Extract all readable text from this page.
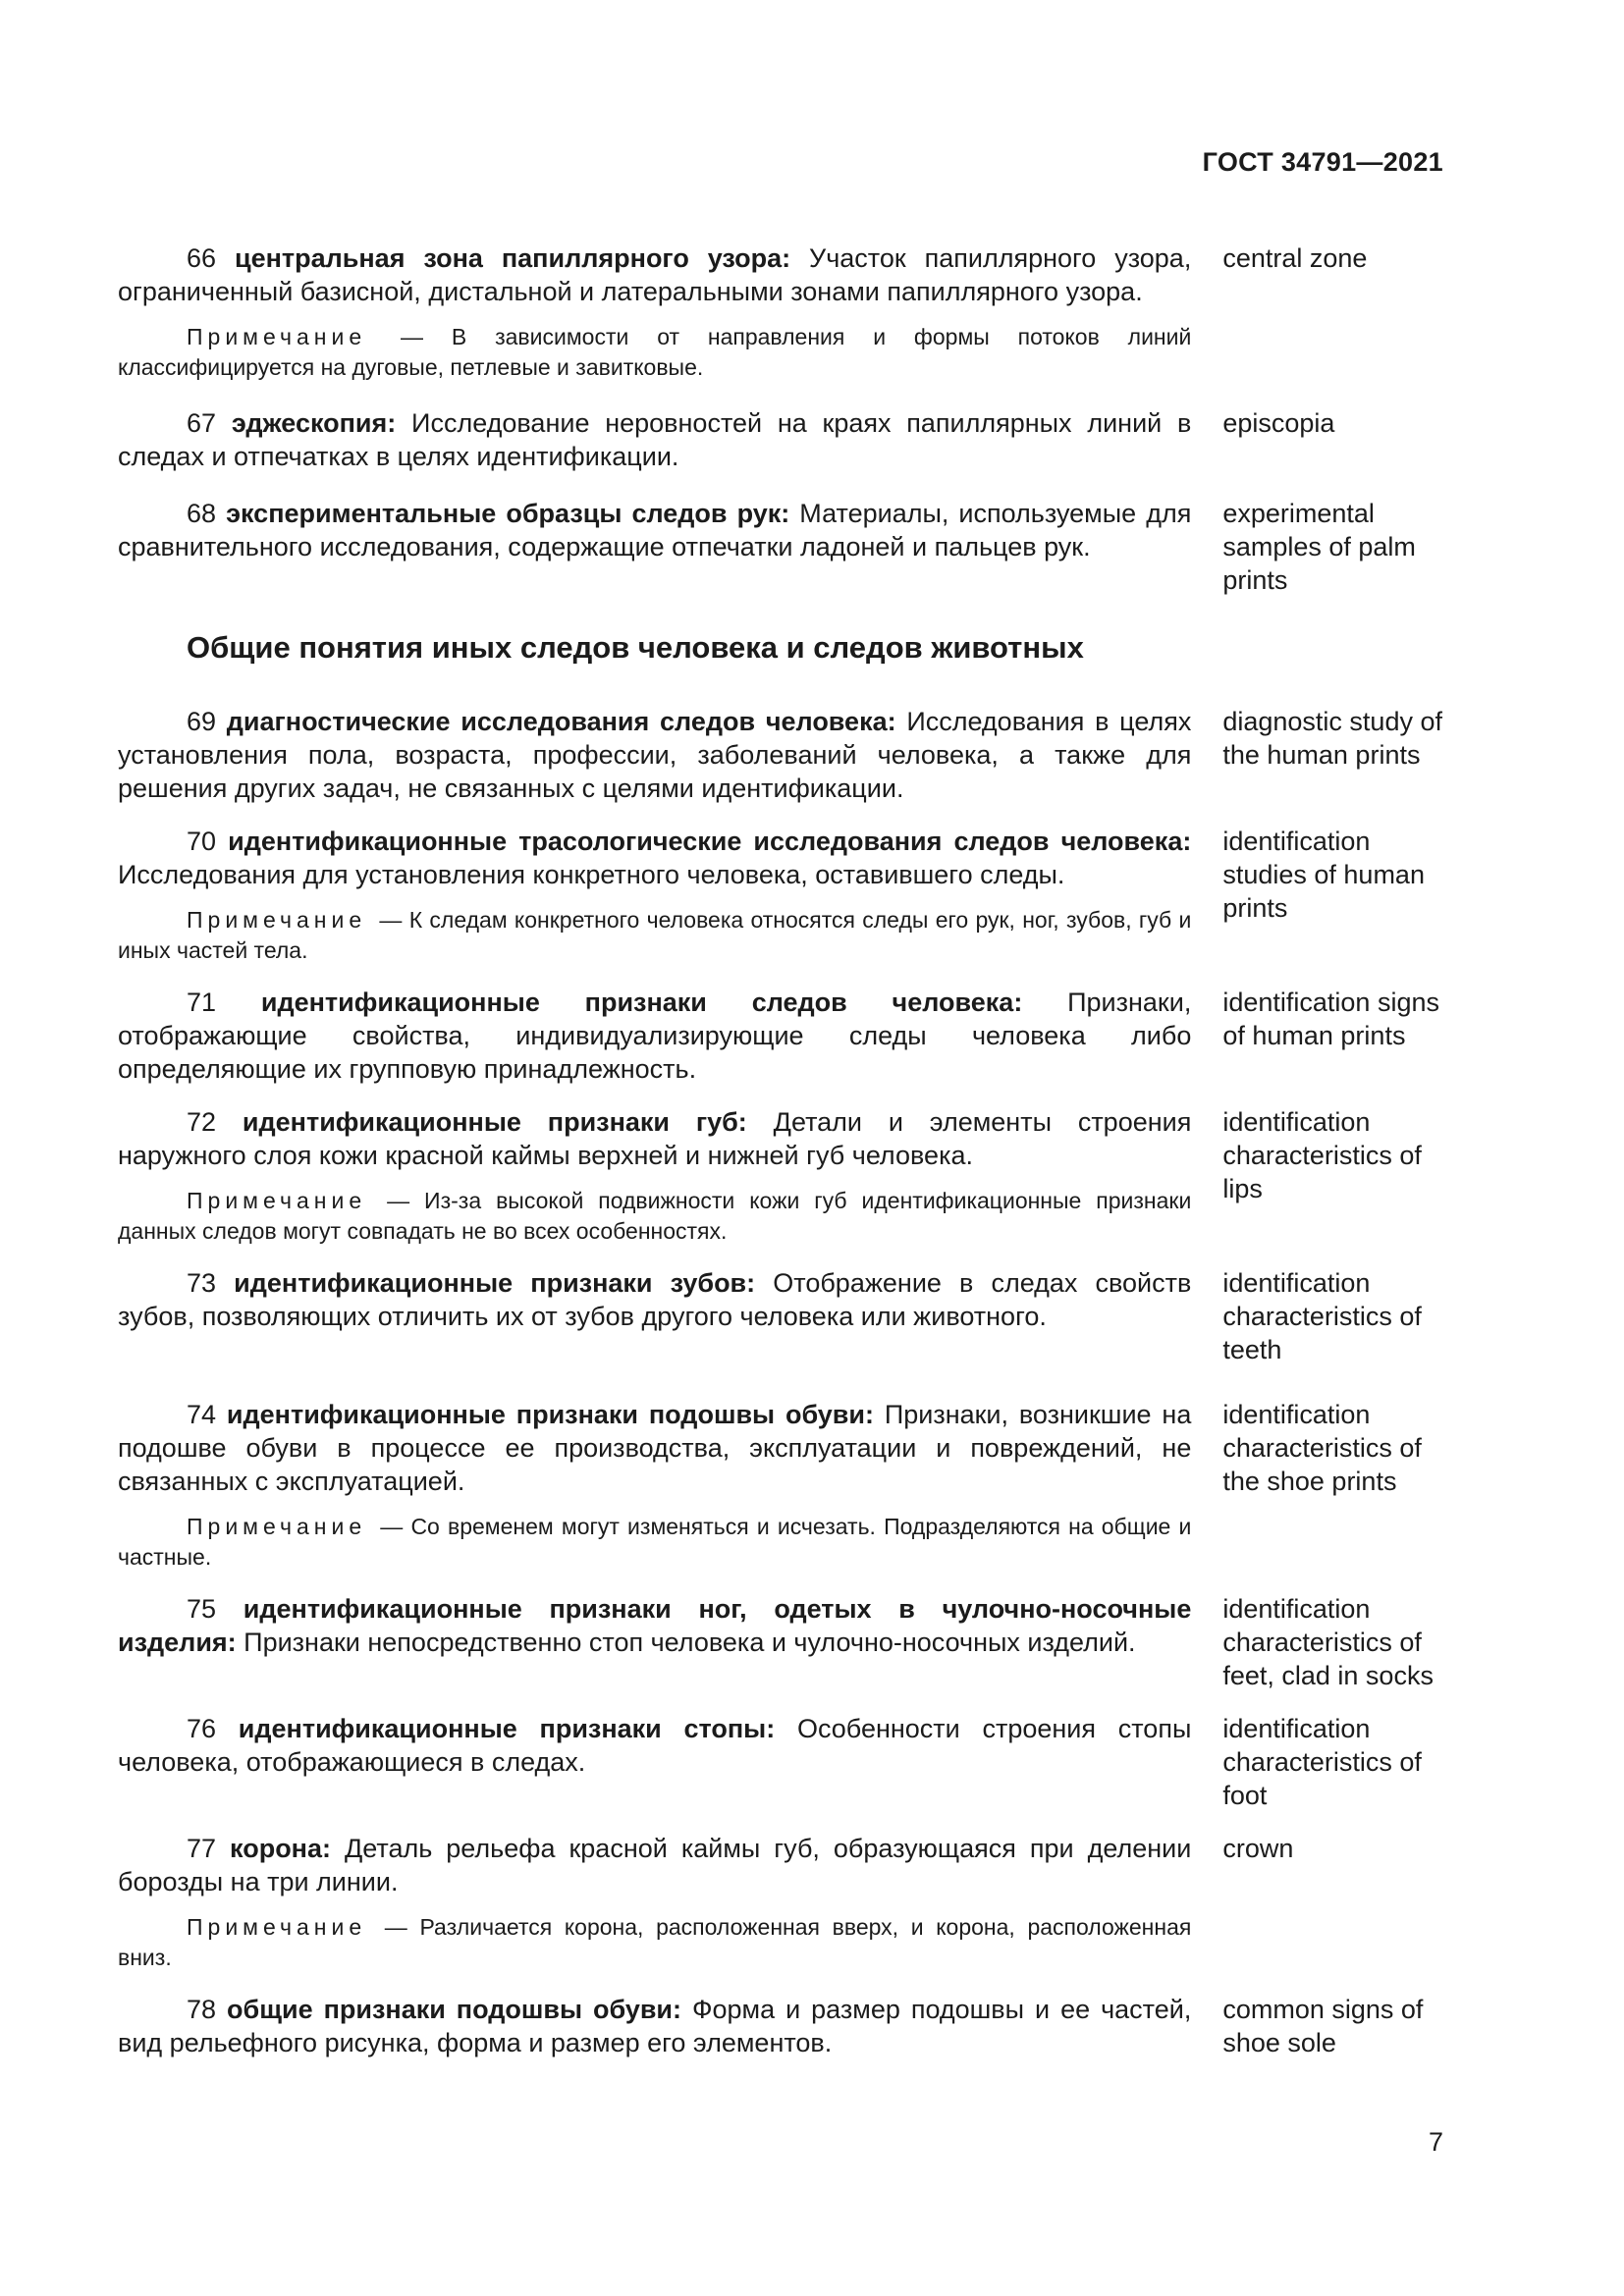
ГОСТ 34791—2021

66 центральная зона папиллярного узора: Участок папиллярного узора, ограниченный базисной, дистальной и латеральными зонами папиллярного узора.

Примечание — В зависимости от направления и формы потоков линий классифицируется на дуговые, петлевые и завитковые.
central zone

67 эджескопия: Исследование неровностей на краях папиллярных линий в следах и отпечатках в целях идентификации.

episcopia

68 экспериментальные образцы следов рук: Материалы, используемые для сравнительного исследования, содержащие отпечатки ладоней и пальцев рук.

experimental samples of palm prints
Общие понятия иных следов человека и следов животных

69 диагностические исследования следов человека: Исследования в целях установления пола, возраста, профессии, заболеваний человека, а также для решения других задач, не связанных с целями идентификации.

diagnostic study of the human prints

70 идентификационные трасологические исследования следов человека: Исследования для установления конкретного человека, оставившего следы.

Примечание — К следам конкретного человека относятся следы его рук, ног, зубов, губ и иных частей тела.
identification studies of human prints

71 идентификационные признаки следов человека: Признаки, отображающие свойства, индивидуализирующие следы человека либо определяющие их групповую принадлежность.

identification signs of human prints

72 идентификационные признаки губ: Детали и элементы строения наружного слоя кожи красной каймы верхней и нижней губ человека.

Примечание — Из-за высокой подвижности кожи губ идентификационные признаки данных следов могут совпадать не во всех особенностях.
identification characteristics of lips

73 идентификационные признаки зубов: Отображение в следах свойств зубов, позволяющих отличить их от зубов другого человека или животного.

identification characteristics of teeth

74 идентификационные признаки подошвы обуви: Признаки, возникшие на подошве обуви в процессе ее производства, эксплуатации и повреждений, не связанных с эксплуатацией.

Примечание — Со временем могут изменяться и исчезать. Подразделяются на общие и частные.
identification characteristics of the shoe prints

75 идентификационные признаки ног, одетых в чулочно-носочные изделия: Признаки непосредственно стоп человека и чулочно-носочных изделий.

identification characteristics of feet, clad in socks

76 идентификационные признаки стопы: Особенности строения стопы человека, отображающиеся в следах.

identification characteristics of foot

77 корона: Деталь рельефа красной каймы губ, образующаяся при делении борозды на три линии.

Примечание — Различается корона, расположенная вверх, и корона, расположенная вниз.
crown

78 общие признаки подошвы обуви: Форма и размер подошвы и ее частей, вид рельефного рисунка, форма и размер его элементов.

common signs of shoe sole
7
